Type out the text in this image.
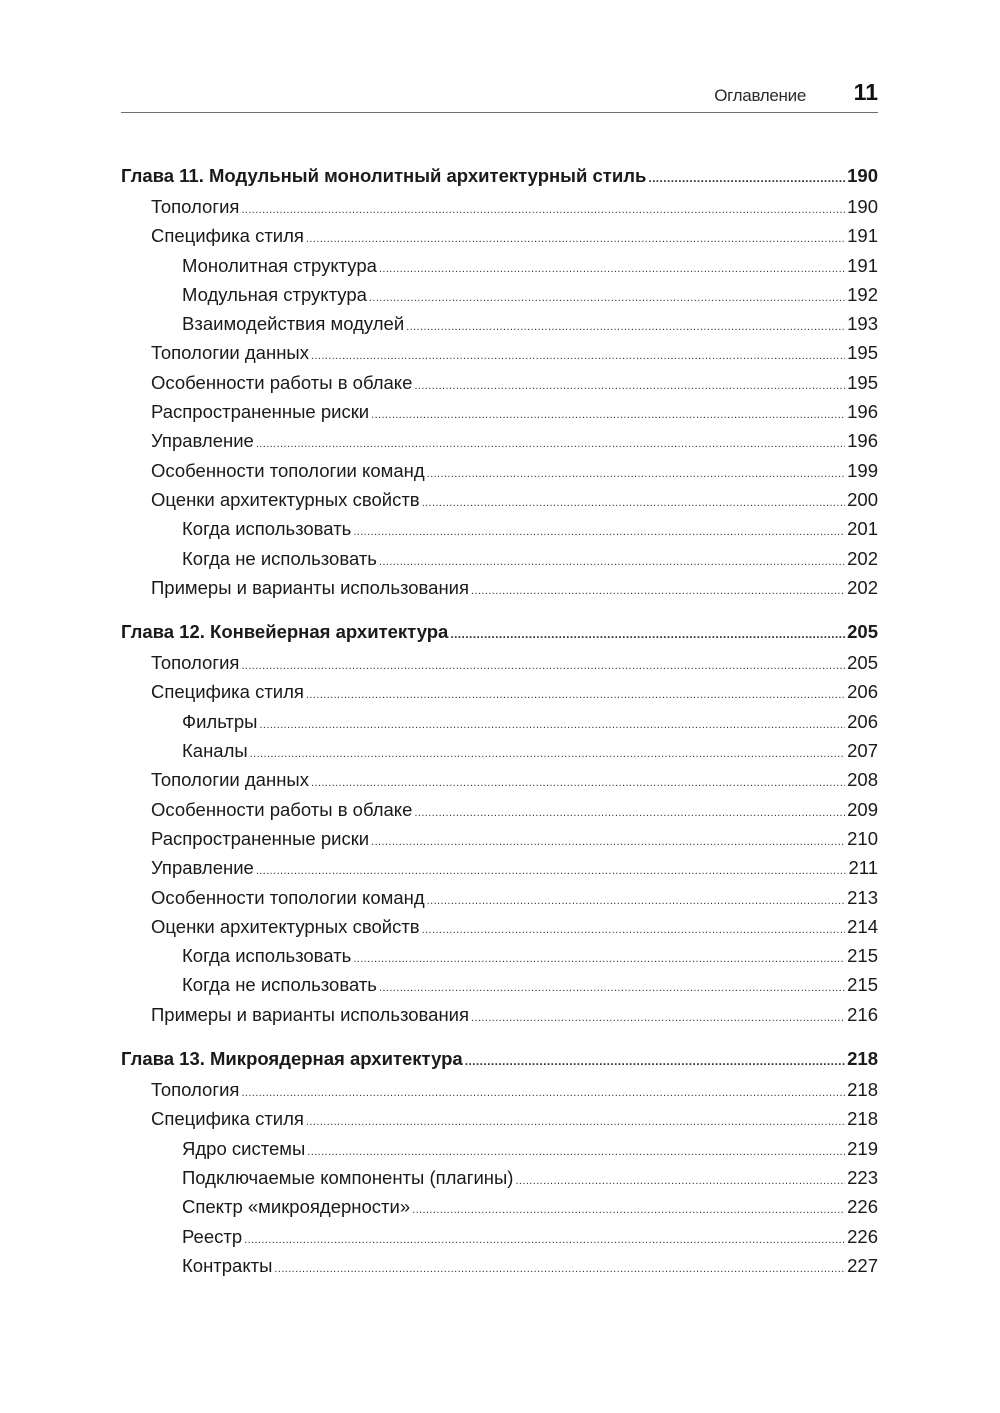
Оглавление 11
Глава 11. Модульный монолитный архитектурный стиль .....	190
Топология .....	190
Специфика стиля .....	191
Монолитная структура .....	191
Модульная структура .....	192
Взаимодействия модулей .....	193
Топологии данных .....	195
Особенности работы в облаке .....	195
Распространенные риски .....	196
Управление .....	196
Особенности топологии команд .....	199
Оценки архитектурных свойств .....	200
Когда использовать .....	201
Когда не использовать .....	202
Примеры и варианты использования .....	202
Глава 12. Конвейерная архитектура .....	205
Топология .....	205
Специфика стиля .....	206
Фильтры .....	206
Каналы .....	207
Топологии данных .....	208
Особенности работы в облаке .....	209
Распространенные риски .....	210
Управление .....	211
Особенности топологии команд .....	213
Оценки архитектурных свойств .....	214
Когда использовать .....	215
Когда не использовать .....	215
Примеры и варианты использования .....	216
Глава 13. Микроядерная архитектура .....	218
Топология .....	218
Специфика стиля .....	218
Ядро системы .....	219
Подключаемые компоненты (плагины) .....	223
Спектр «микроядерности» .....	226
Реестр .....	226
Контракты .....	227
